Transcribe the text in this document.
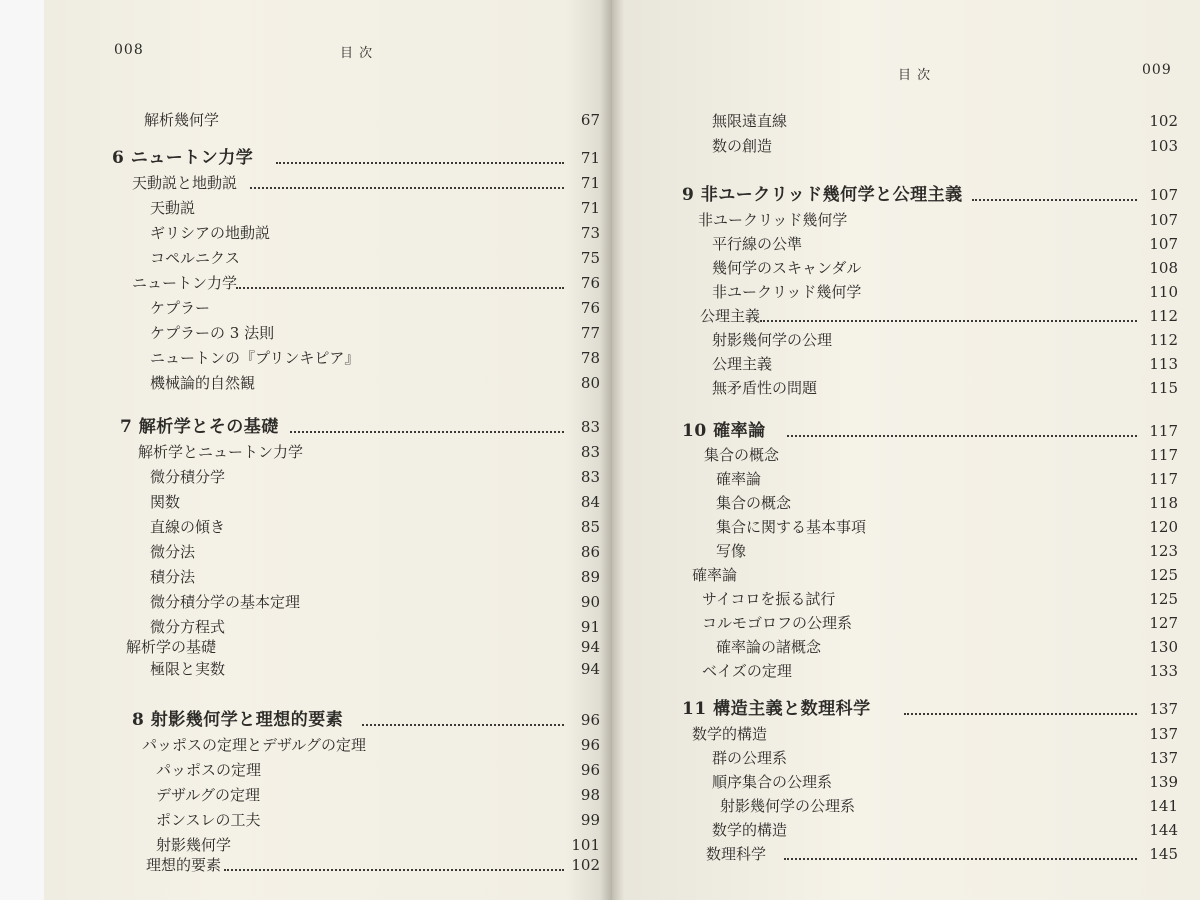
008	目 次
解析幾何学	67
6 ニュートン力学	71
天動説と地動説	71
天動説	71
ギリシアの地動説	73
コペルニクス	75
ニュートン力学	76
ケプラー	76
ケプラーの 3 法則	77
ニュートンの『プリンキピア』	78
機械論的自然観	80
7 解析学とその基礎	83
解析学とニュートン力学	83
微分積分学	83
関数	84
直線の傾き	85
微分法	86
積分法	89
微分積分学の基本定理	90
微分方程式	91
解析学の基礎	94
極限と実数	94
8 射影幾何学と理想的要素	96
パッポスの定理とデザルグの定理	96
パッポスの定理	96
デザルグの定理	98
ポンスレの工夫	99
射影幾何学	101
理想的要素	102
目 次	009
無限遠直線	102
数の創造	103
9 非ユークリッド幾何学と公理主義	107
非ユークリッド幾何学	107
平行線の公準	107
幾何学のスキャンダル	108
非ユークリッド幾何学	110
公理主義	112
射影幾何学の公理	112
公理主義	113
無矛盾性の問題	115
10 確率論	117
集合の概念	117
確率論	117
集合の概念	118
集合に関する基本事項	120
写像	123
確率論	125
サイコロを振る試行	125
コルモゴロフの公理系	127
確率論の諸概念	130
ベイズの定理	133
11 構造主義と数理科学	137
数学的構造	137
群の公理系	137
順序集合の公理系	139
射影幾何学の公理系	141
数学的構造	144
数理科学	145
